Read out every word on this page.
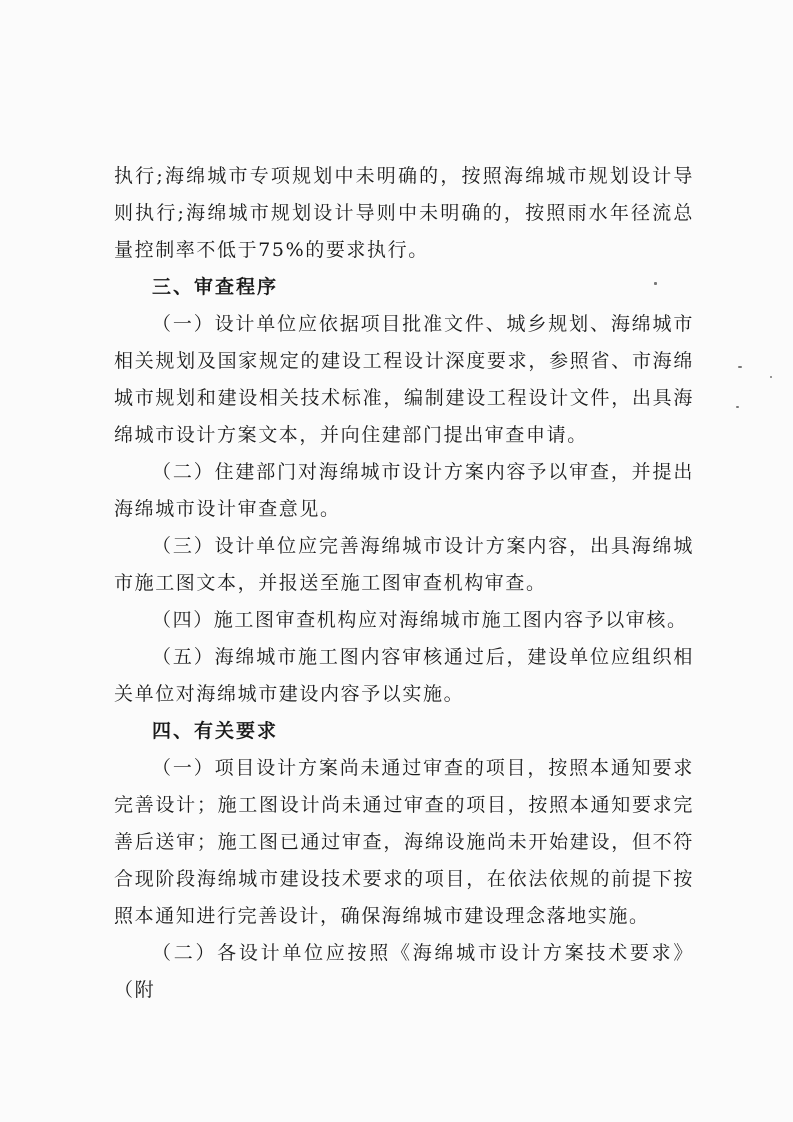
执行;海绵城市专项规划中未明确的，按照海绵城市规划设计导则执行;海绵城市规划设计导则中未明确的，按照雨水年径流总量控制率不低于75%的要求执行。

三、审查程序

（一）设计单位应依据项目批准文件、城乡规划、海绵城市相关规划及国家规定的建设工程设计深度要求，参照省、市海绵城市规划和建设相关技术标准，编制建设工程设计文件，出具海绵城市设计方案文本，并向住建部门提出审查申请。

（二）住建部门对海绵城市设计方案内容予以审查，并提出海绵城市设计审查意见。

（三）设计单位应完善海绵城市设计方案内容，出具海绵城市施工图文本，并报送至施工图审查机构审查。

（四）施工图审查机构应对海绵城市施工图内容予以审核。

（五）海绵城市施工图内容审核通过后，建设单位应组织相关单位对海绵城市建设内容予以实施。

四、有关要求

（一）项目设计方案尚未通过审查的项目，按照本通知要求完善设计；施工图设计尚未通过审查的项目，按照本通知要求完善后送审；施工图已通过审查，海绵设施尚未开始建设，但不符合现阶段海绵城市建设技术要求的项目，在依法依规的前提下按照本通知进行完善设计，确保海绵城市建设理念落地实施。

（二）各设计单位应按照《海绵城市设计方案技术要求》（附
